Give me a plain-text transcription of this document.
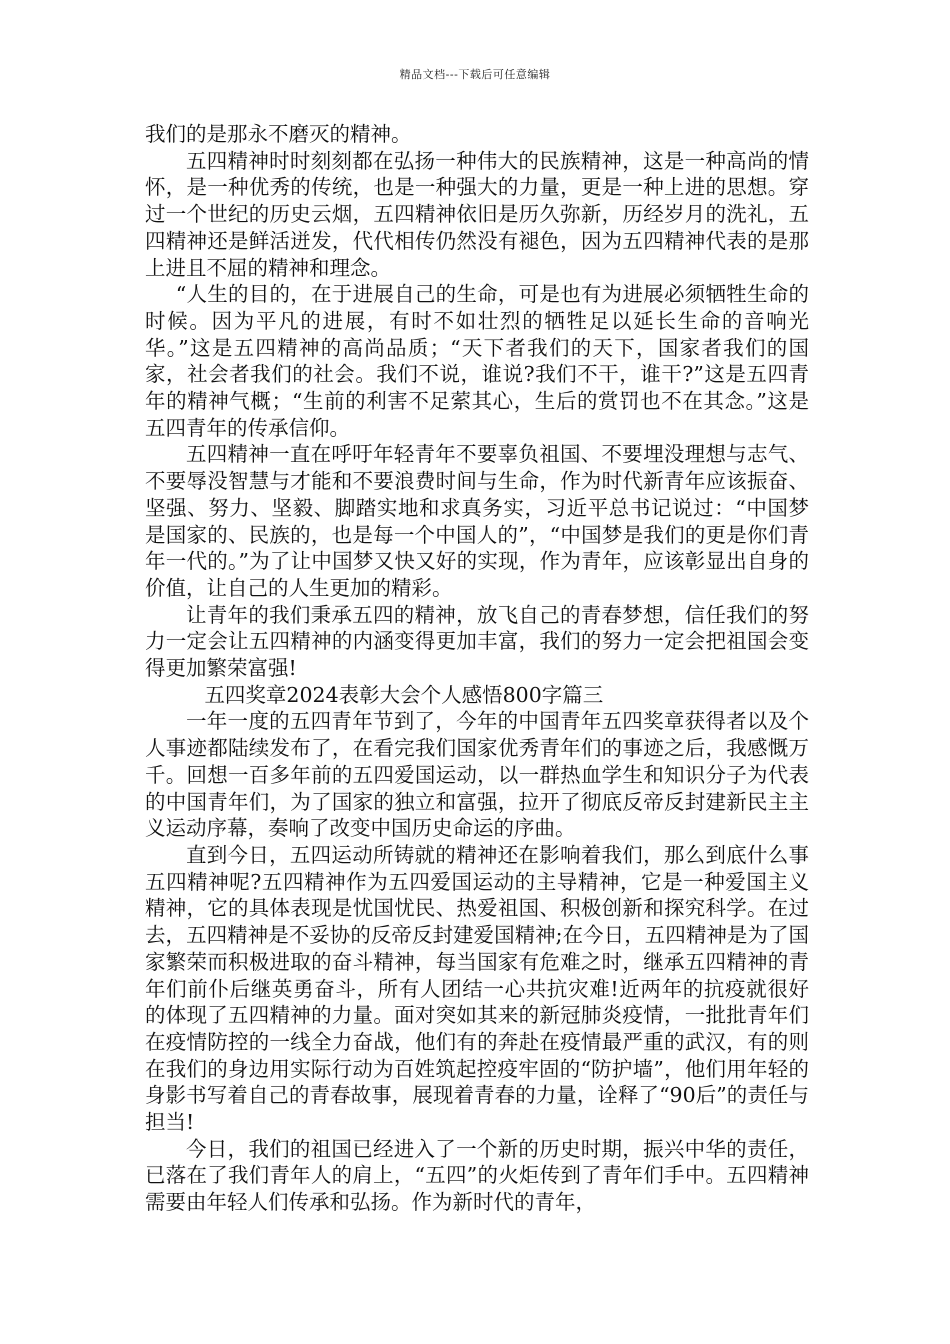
精品文档---下载后可任意编辑

我们的是那永不磨灭的精神。

五四精神时时刻刻都在弘扬一种伟大的民族精神，这是一种高尚的情怀，是一种优秀的传统，也是一种强大的力量，更是一种上进的思想。穿过一个世纪的历史云烟，五四精神依旧是历久弥新，历经岁月的洗礼，五四精神还是鲜活迸发，代代相传仍然没有褪色，因为五四精神代表的是那上进且不屈的精神和理念。

“人生的目的，在于进展自己的生命，可是也有为进展必须牺牲生命的时候。因为平凡的进展，有时不如壮烈的牺牲足以延长生命的音响光华。”这是五四精神的高尚品质；“天下者我们的天下，国家者我们的国家，社会者我们的社会。我们不说，谁说?我们不干，谁干?”这是五四青年的精神气概；“生前的利害不足萦其心，生后的赏罚也不在其念。”这是五四青年的传承信仰。

五四精神一直在呼吁年轻青年不要辜负祖国、不要埋没理想与志气、不要辱没智慧与才能和不要浪费时间与生命，作为时代新青年应该振奋、坚强、努力、坚毅、脚踏实地和求真务实，习近平总书记说过：“中国梦是国家的、民族的，也是每一个中国人的”，“中国梦是我们的更是你们青年一代的。”为了让中国梦又快又好的实现，作为青年，应该彰显出自身的价值，让自己的人生更加的精彩。

让青年的我们秉承五四的精神，放飞自己的青春梦想，信任我们的努力一定会让五四精神的内涵变得更加丰富，我们的努力一定会把祖国会变得更加繁荣富强!

五四奖章2024表彰大会个人感悟800字篇三

一年一度的五四青年节到了，今年的中国青年五四奖章获得者以及个人事迹都陆续发布了，在看完我们国家优秀青年们的事迹之后，我感慨万千。回想一百多年前的五四爱国运动，以一群热血学生和知识分子为代表的中国青年们，为了国家的独立和富强，拉开了彻底反帝反封建新民主主义运动序幕，奏响了改变中国历史命运的序曲。

直到今日，五四运动所铸就的精神还在影响着我们，那么到底什么事五四精神呢?五四精神作为五四爱国运动的主导精神，它是一种爱国主义精神，它的具体表现是忧国忧民、热爱祖国、积极创新和探究科学。在过去，五四精神是不妥协的反帝反封建爱国精神;在今日，五四精神是为了国家繁荣而积极进取的奋斗精神，每当国家有危难之时，继承五四精神的青年们前仆后继英勇奋斗，所有人团结一心共抗灾难!近两年的抗疫就很好的体现了五四精神的力量。面对突如其来的新冠肺炎疫情，一批批青年们在疫情防控的一线全力奋战，他们有的奔赴在疫情最严重的武汉，有的则在我们的身边用实际行动为百姓筑起控疫牢固的“防护墙”，他们用年轻的身影书写着自己的青春故事，展现着青春的力量，诠释了“90后”的责任与担当!

今日，我们的祖国已经进入了一个新的历史时期，振兴中华的责任，已落在了我们青年人的肩上，“五四”的火炬传到了青年们手中。五四精神需要由年轻人们传承和弘扬。作为新时代的青年，
